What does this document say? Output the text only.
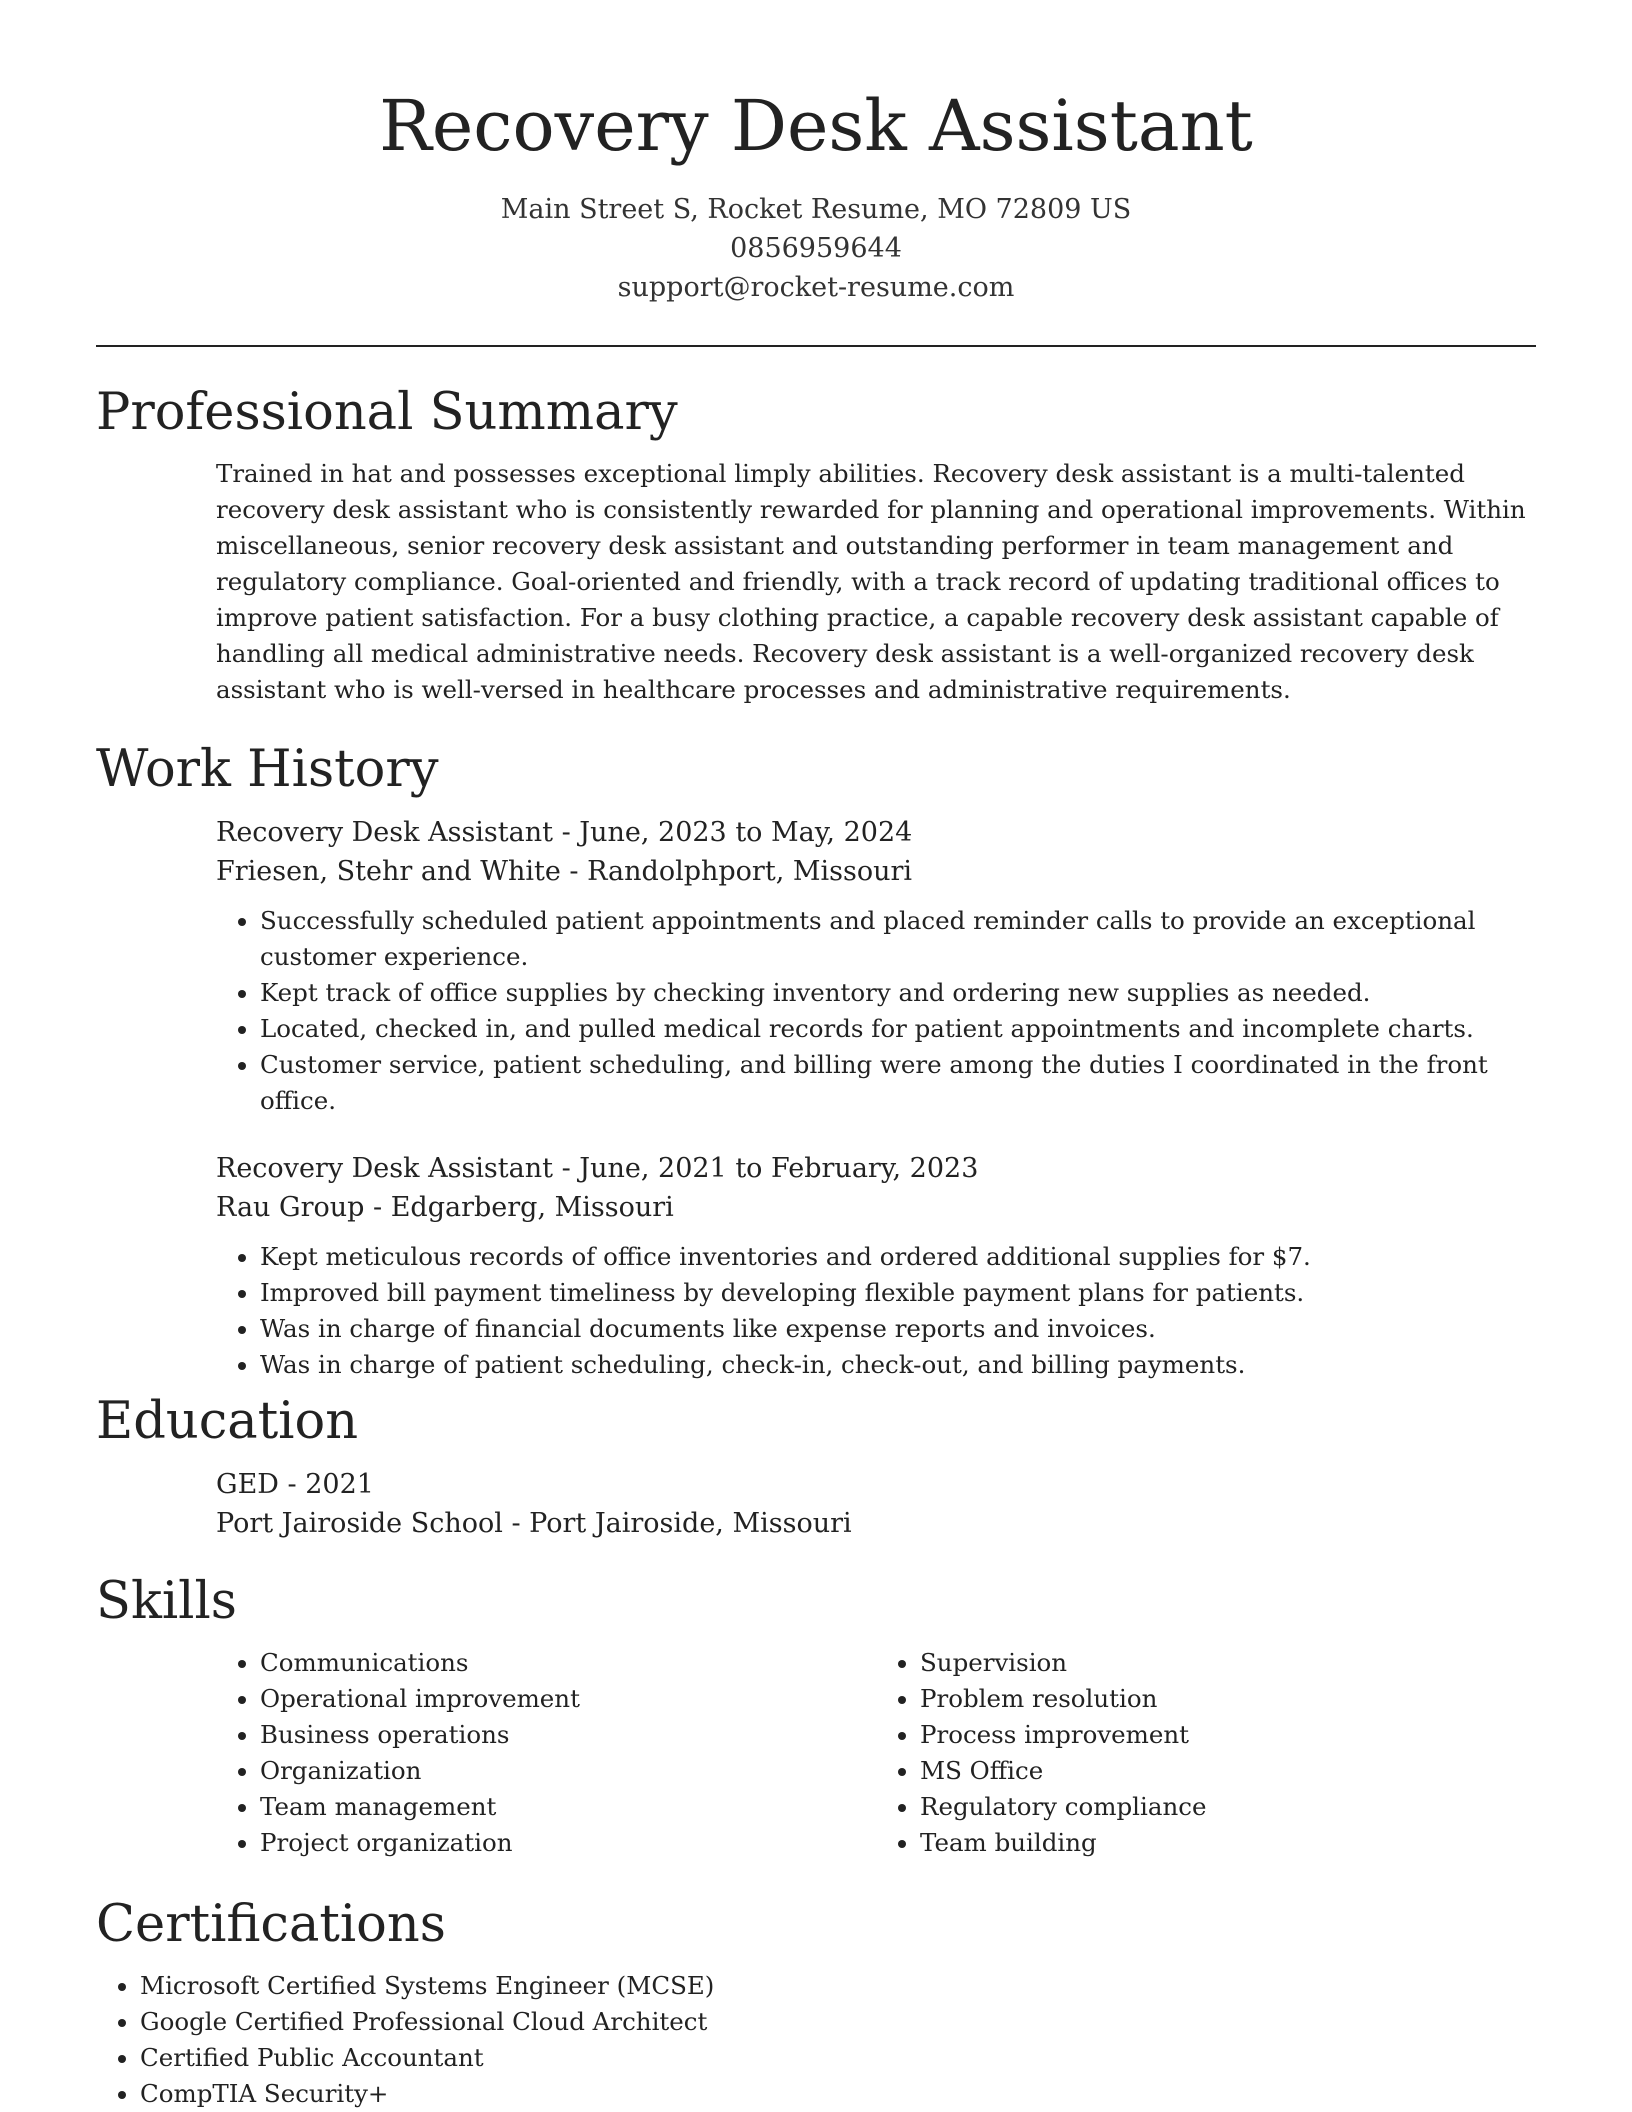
Recovery Desk Assistant
Main Street S, Rocket Resume, MO 72809 US
0856959644
support@rocket-resume.com
Professional Summary
Trained in hat and possesses exceptional limply abilities. Recovery desk assistant is a multi-talented recovery desk assistant who is consistently rewarded for planning and operational improvements. Within miscellaneous, senior recovery desk assistant and outstanding performer in team management and regulatory compliance. Goal-oriented and friendly, with a track record of updating traditional offices to improve patient satisfaction. For a busy clothing practice, a capable recovery desk assistant capable of handling all medical administrative needs. Recovery desk assistant is a well-organized recovery desk assistant who is well-versed in healthcare processes and administrative requirements.
Work History
Recovery Desk Assistant - June, 2023 to May, 2024
Friesen, Stehr and White - Randolphport, Missouri
• Successfully scheduled patient appointments and placed reminder calls to provide an exceptional customer experience.
• Kept track of office supplies by checking inventory and ordering new supplies as needed.
• Located, checked in, and pulled medical records for patient appointments and incomplete charts.
• Customer service, patient scheduling, and billing were among the duties I coordinated in the front office.
Recovery Desk Assistant - June, 2021 to February, 2023
Rau Group - Edgarberg, Missouri
• Kept meticulous records of office inventories and ordered additional supplies for $7.
• Improved bill payment timeliness by developing flexible payment plans for patients.
• Was in charge of financial documents like expense reports and invoices.
• Was in charge of patient scheduling, check-in, check-out, and billing payments.
Education
GED - 2021
Port Jairoside School - Port Jairoside, Missouri
Skills
• Communications
• Operational improvement
• Business operations
• Organization
• Team management
• Project organization
• Supervision
• Problem resolution
• Process improvement
• MS Office
• Regulatory compliance
• Team building
Certifications
• Microsoft Certified Systems Engineer (MCSE)
• Google Certified Professional Cloud Architect
• Certified Public Accountant
• CompTIA Security+
